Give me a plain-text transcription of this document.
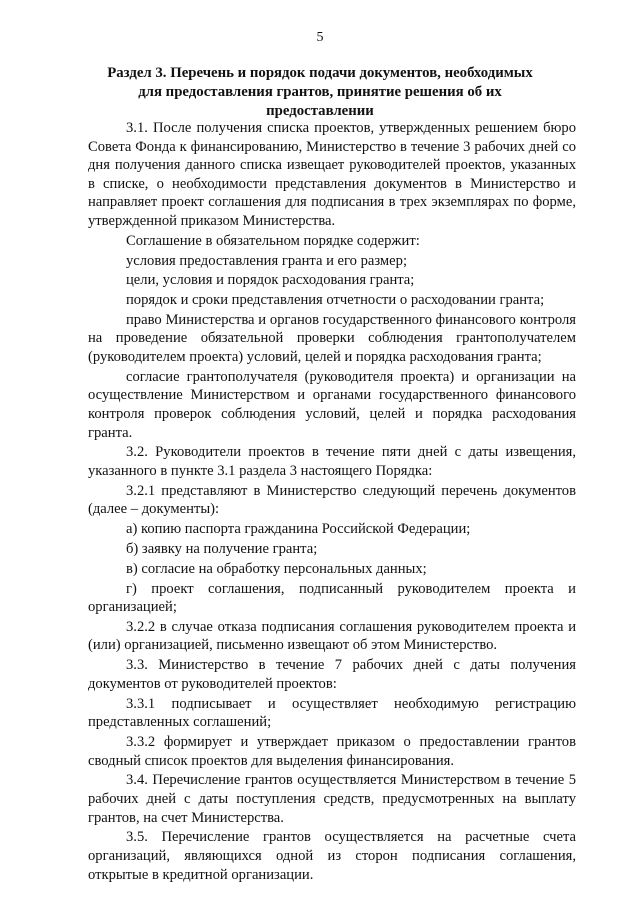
5
Раздел 3. Перечень и порядок подачи документов, необходимых
для предоставления грантов, принятие решения об их предоставлении

3.1. После получения списка проектов, утвержденных решением бюро Совета Фонда к финансированию, Министерство в течение 3 рабочих дней со дня получения данного списка извещает руководителей проектов, указанных в списке, о необходимости представления документов в Министерство и направляет проект соглашения для подписания в трех экземплярах по форме, утвержденной приказом Министерства.

Соглашение в обязательном порядке содержит:

условия предоставления гранта и его размер;

цели, условия и порядок расходования гранта;

порядок и сроки представления отчетности о расходовании гранта;

право Министерства и органов государственного финансового контроля на проведение обязательной проверки соблюдения грантополучателем (руководителем проекта) условий, целей и порядка расходования гранта;

согласие грантополучателя (руководителя проекта) и организации на осуществление Министерством и органами государственного финансового контроля проверок соблюдения условий, целей и порядка расходования гранта.

3.2. Руководители проектов в течение пяти дней с даты извещения, указанного в пункте 3.1 раздела 3 настоящего Порядка:

3.2.1 представляют в Министерство следующий перечень документов (далее – документы):

а) копию паспорта гражданина Российской Федерации;

б) заявку на получение гранта;

в) согласие на обработку персональных данных;

г) проект соглашения, подписанный руководителем проекта и организацией;

3.2.2 в случае отказа подписания соглашения руководителем проекта и (или) организацией, письменно извещают об этом Министерство.

3.3. Министерство в течение 7 рабочих дней с даты получения документов от руководителей проектов:

3.3.1 подписывает и осуществляет необходимую регистрацию представленных соглашений;

3.3.2 формирует и утверждает приказом о предоставлении грантов сводный список проектов для выделения финансирования.

3.4. Перечисление грантов осуществляется Министерством в течение 5 рабочих дней с даты поступления средств, предусмотренных на выплату грантов, на счет Министерства.

3.5. Перечисление грантов осуществляется на расчетные счета организаций, являющихся одной из сторон подписания соглашения, открытые в кредитной организации.
